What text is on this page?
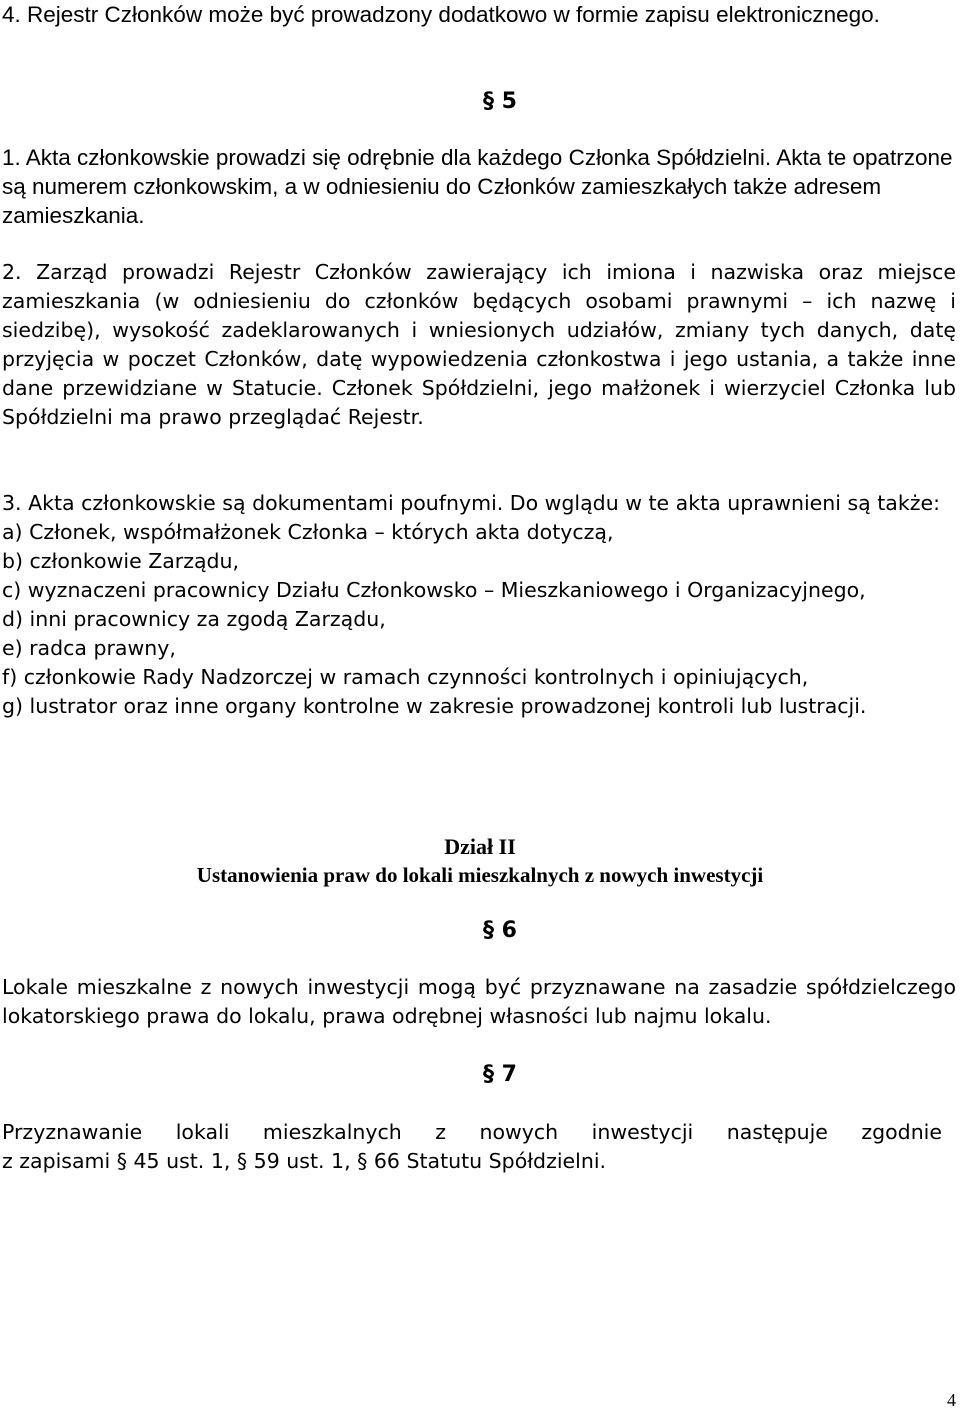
4. Rejestr Członków może być prowadzony dodatkowo w formie zapisu elektronicznego.

§ 5

1. Akta członkowskie prowadzi się odrębnie dla każdego Członka Spółdzielni. Akta te opatrzone są numerem członkowskim, a w odniesieniu do Członków zamieszkałych także adresem zamieszkania.

2. Zarząd prowadzi Rejestr Członków zawierający ich imiona i nazwiska oraz miejsce zamieszkania (w odniesieniu do członków będących osobami prawnymi – ich nazwę i siedzibę), wysokość zadeklarowanych i wniesionych udziałów, zmiany tych danych, datę przyjęcia w poczet Członków, datę wypowiedzenia członkostwa i jego ustania, a także inne dane przewidziane w Statucie. Członek Spółdzielni, jego małżonek i wierzyciel Członka lub Spółdzielni ma prawo przeglądać Rejestr.

3. Akta członkowskie są dokumentami poufnymi. Do wglądu w te akta uprawnieni są także:
a) Członek, współmałżonek Członka – których akta dotyczą,
b) członkowie Zarządu,
c) wyznaczeni pracownicy Działu Członkowsko – Mieszkaniowego i Organizacyjnego,
d) inni pracownicy za zgodą Zarządu,
e) radca prawny,
f) członkowie Rady Nadzorczej w ramach czynności kontrolnych i opiniujących,
g) lustrator oraz inne organy kontrolne w zakresie prowadzonej kontroli lub lustracji.
Dział II
Ustanowienia praw do lokali mieszkalnych z nowych inwestycji
§ 6

Lokale mieszkalne z nowych inwestycji mogą być przyznawane na zasadzie spółdzielczego lokatorskiego prawa do lokalu, prawa odrębnej własności lub najmu lokalu.

§ 7
Przyznawanie lokali mieszkalnych z nowych inwestycji następuje zgodnie
z zapisami § 45 ust. 1, § 59 ust. 1, § 66 Statutu Spółdzielni.
4
